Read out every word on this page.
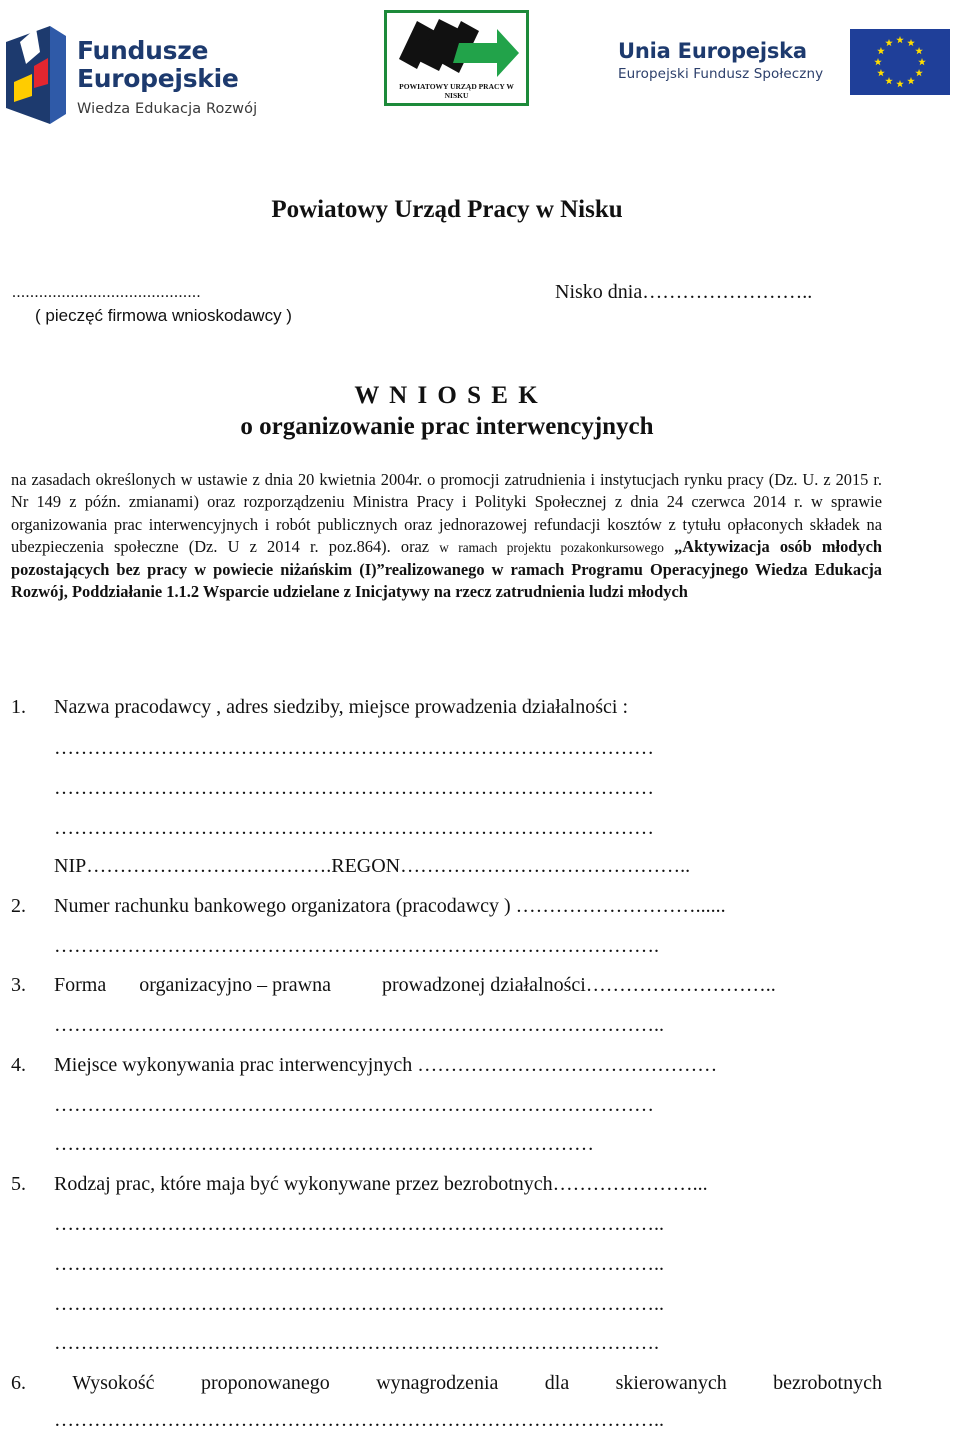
Fundusze
Europejskie
Wiedza Edukacja Rozwój
POWIATOWY URZĄD PRACY W NISKU
Unia Europejska
Europejski Fundusz Społeczny
Powiatowy Urząd Pracy w Nisku
..........................................
( pieczęć firmowa wnioskodawcy )
Nisko dnia……………………..
W N I O S E K
o organizowanie prac interwencyjnych
na zasadach określonych w ustawie z dnia 20 kwietnia 2004r. o promocji zatrudnienia i instytucjach rynku pracy (Dz. U. z 2015 r. Nr 149 z późn. zmianami) oraz rozporządzeniu Ministra Pracy i Polityki Społecznej z dnia 24 czerwca 2014 r. w sprawie organizowania prac interwencyjnych i robót publicznych oraz jednorazowej refundacji kosztów z tytułu opłaconych składek na ubezpieczenia społeczne (Dz. U z 2014 r. poz.864). oraz w ramach projektu pozakonkursowego „Aktywizacja osób młodych pozostających bez pracy w powiecie niżańskim (I)”realizowanego w ramach Programu Operacyjnego Wiedza Edukacja Rozwój, Poddziałanie 1.1.2 Wsparcie udzielane z Inicjatywy na rzecz zatrudnienia ludzi młodych
1. Nazwa pracodawcy , adres siedziby, miejsce prowadzenia działalności :
………………………………………………………………………………
………………………………………………………………………………
………………………………………………………………………………
NIP……………………………….REGON……………………………………..
2. Numer rachunku bankowego organizatora (pracodawcy ) ………………………......
……………………………………………………………………………….
3. Forma organizacyjno – prawna	prowadzonej działalności………………………..
………………………………………………………………………………..
4. Miejsce wykonywania prac interwencyjnych ………………………………………
………………………………………………………………………………
………………………………………………………………………
5. Rodzaj prac, które maja być wykonywane przez bezrobotnych…………………...
………………………………………………………………………………..
………………………………………………………………………………..
………………………………………………………………………………..
……………………………………………………………………………….
6. Wysokość proponowanego wynagrodzenia dla skierowanych bezrobotnych
………………………………………………………………………………..
